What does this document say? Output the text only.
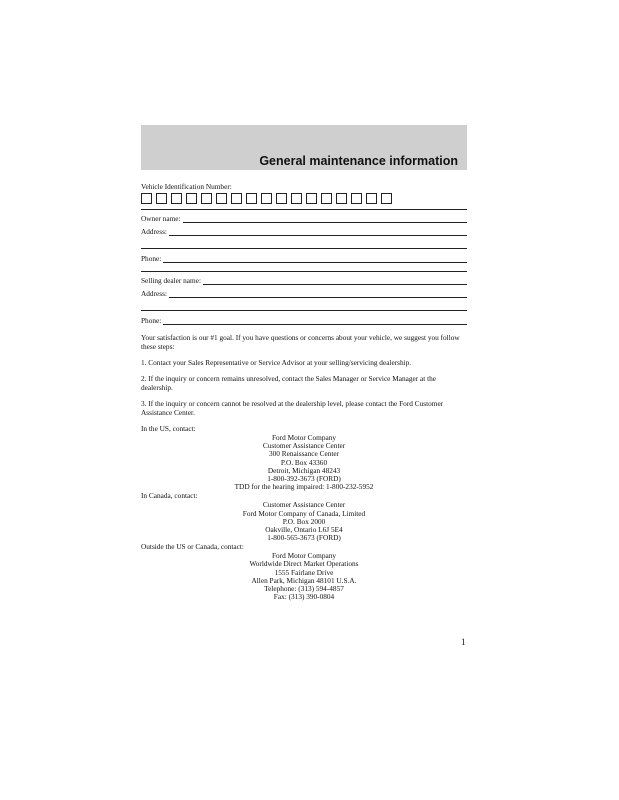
General maintenance information
Vehicle Identification Number:
Owner name:
Address:
Phone:
Selling dealer name:
Address:
Phone:

Your satisfaction is our #1 goal. If you have questions or concerns about your vehicle, we suggest you follow these steps:

1. Contact your Sales Representative or Service Advisor at your selling/servicing dealership.

2. If the inquiry or concern remains unresolved, contact the Sales Manager or Service Manager at the dealership.

3. If the inquiry or concern cannot be resolved at the dealership level, please contact the Ford Customer Assistance Center.

In the US, contact:

Ford Motor Company
Customer Assistance Center
300 Renaissance Center
P.O. Box 43360
Detroit, Michigan 48243
1-800-392-3673 (FORD)
TDD for the hearing impaired: 1-800-232-5952

In Canada, contact:

Customer Assistance Center
Ford Motor Company of Canada, Limited
P.O. Box 2000
Oakville, Ontario L6J 5E4
1-800-565-3673 (FORD)

Outside the US or Canada, contact:

Ford Motor Company
Worldwide Direct Market Operations
1555 Fairlane Drive
Allen Park, Michigan 48101 U.S.A.
Telephone: (313) 594-4857
Fax: (313) 390-0804
1
